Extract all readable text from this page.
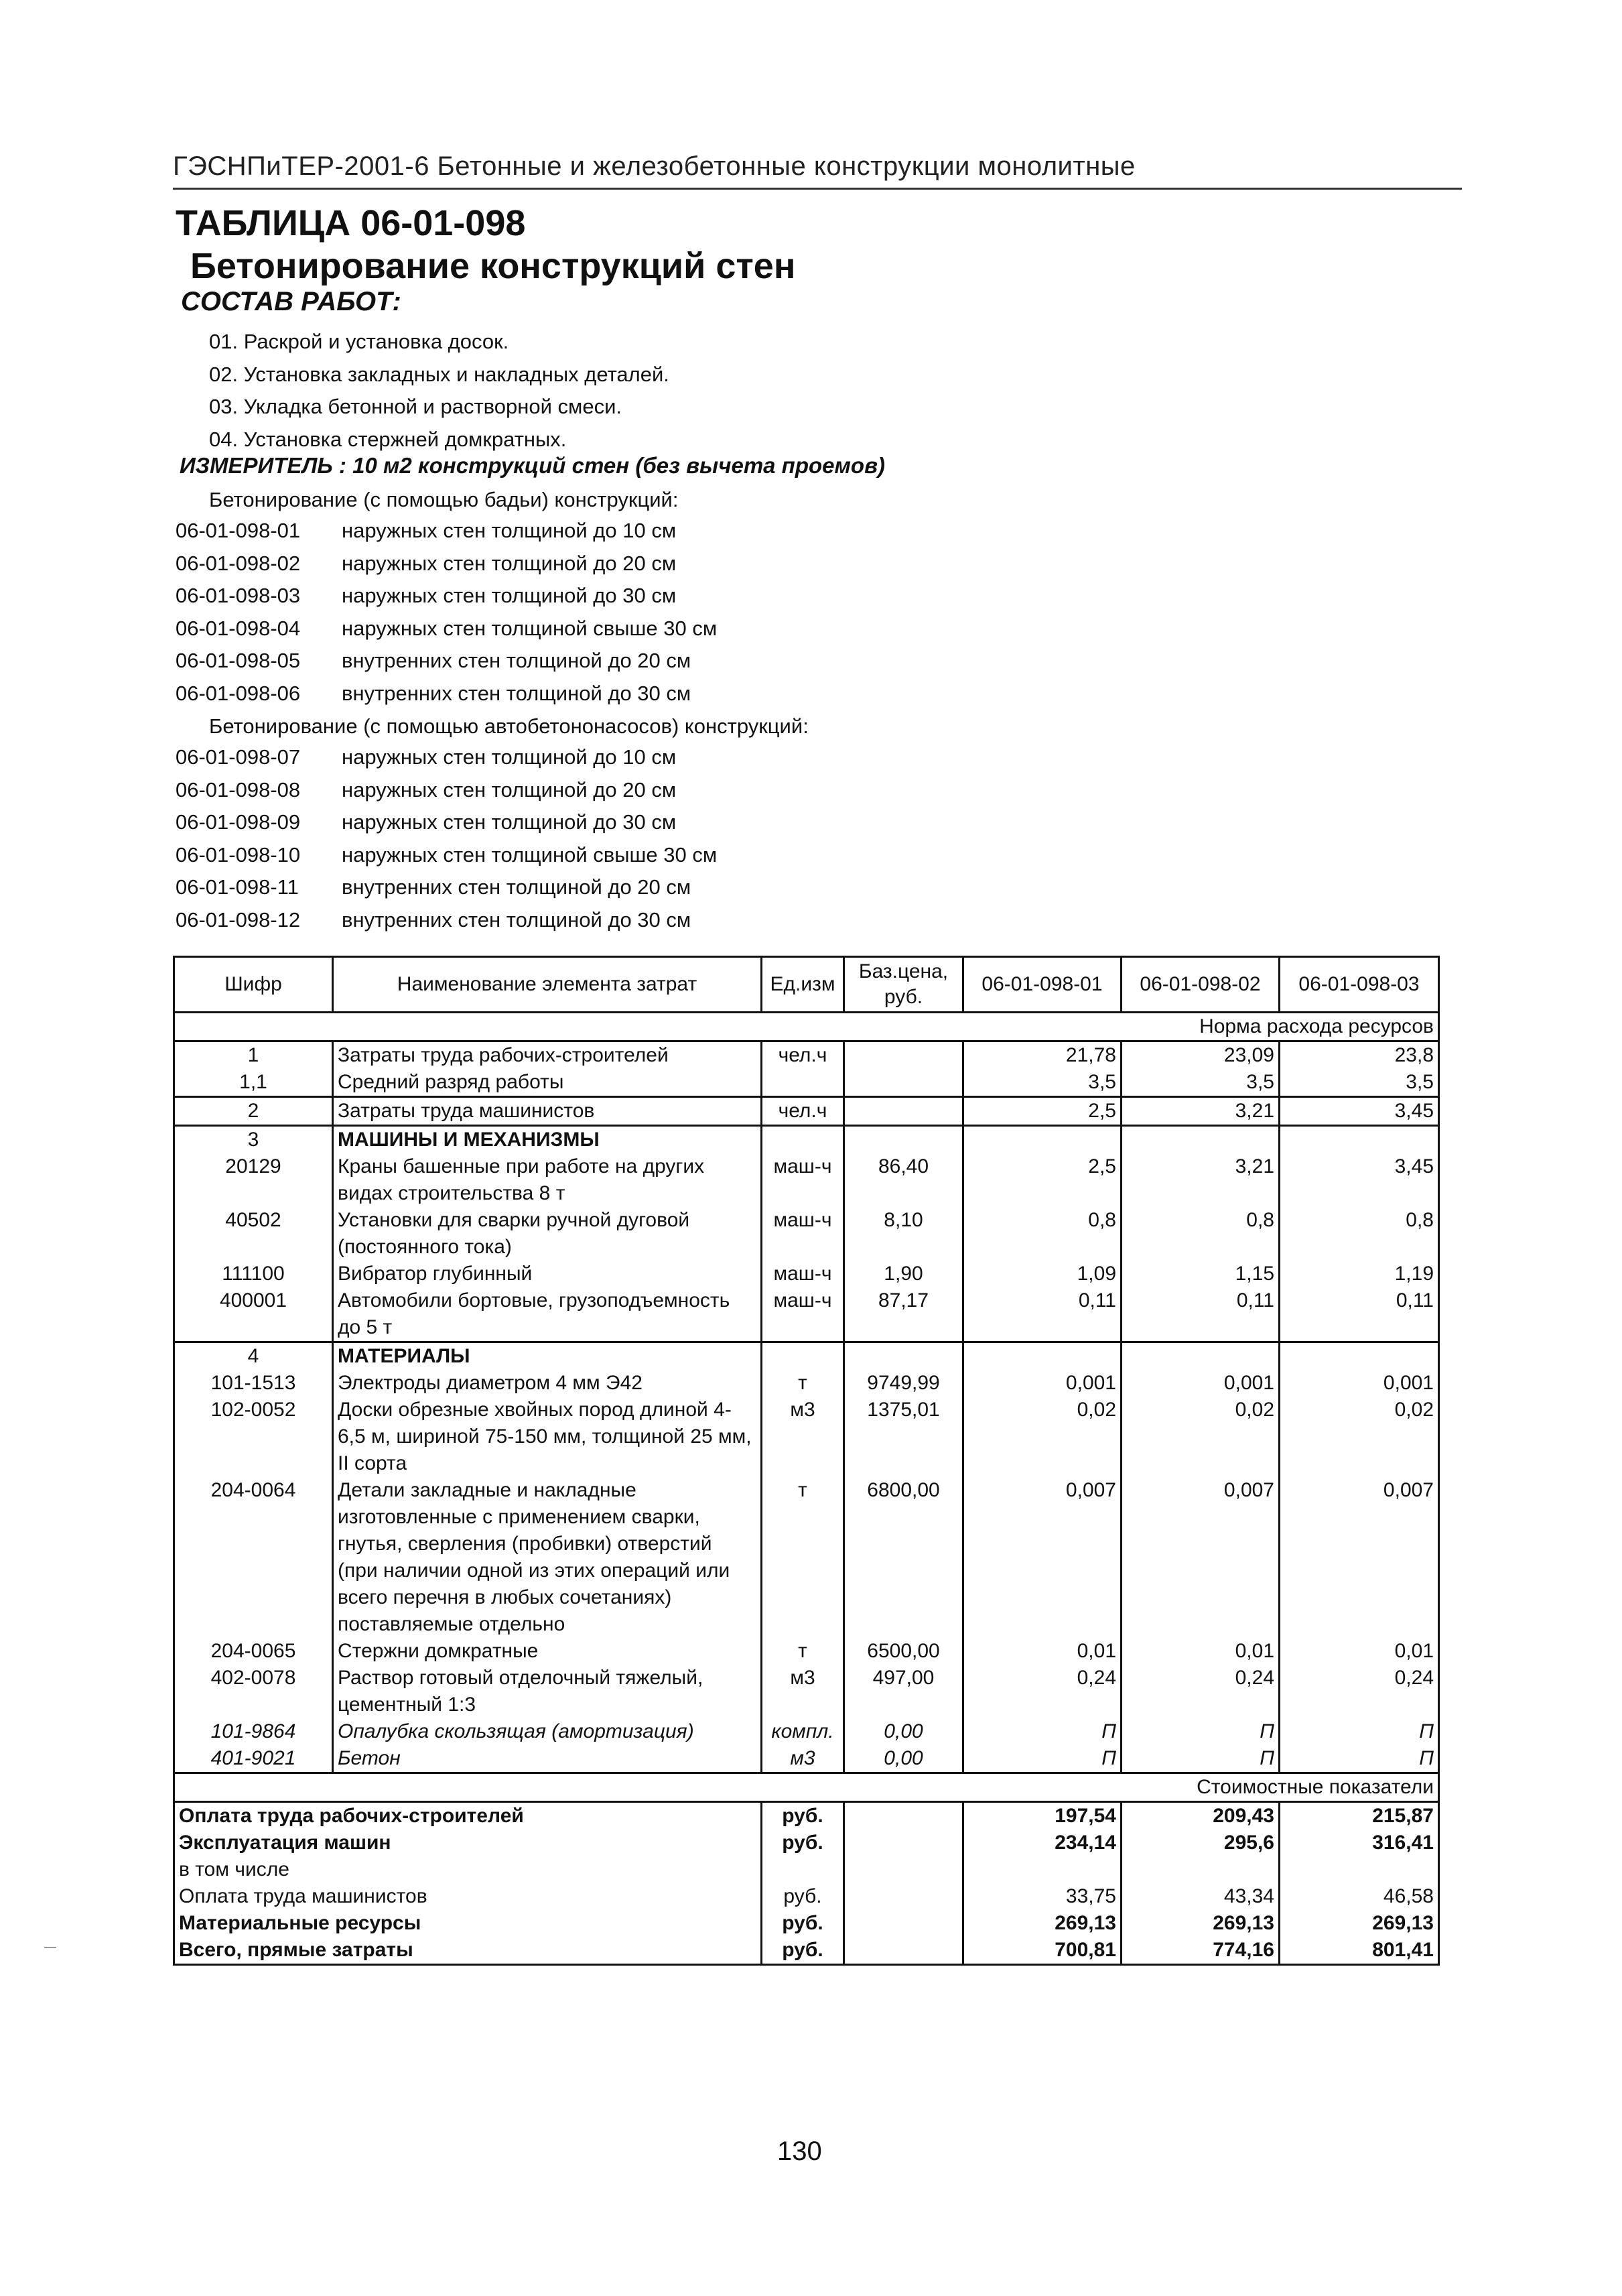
ГЭСНПиТЕР-2001-6 Бетонные и железобетонные конструкции монолитные
ТАБЛИЦА 06-01-098
Бетонирование конструкций стен
СОСТАВ РАБОТ:
01. Раскрой и установка досок.
02. Установка закладных и накладных деталей.
03. Укладка бетонной и растворной смеси.
04. Установка стержней домкратных.
ИЗМЕРИТЕЛЬ : 10 м2 конструкций стен (без вычета проемов)
Бетонирование (с помощью бадьи) конструкций:
06-01-098-01 наружных стен толщиной до 10 см
06-01-098-02 наружных стен толщиной до 20 см
06-01-098-03 наружных стен толщиной до 30 см
06-01-098-04 наружных стен толщиной свыше 30 см
06-01-098-05 внутренних стен толщиной до 20 см
06-01-098-06 внутренних стен толщиной до 30 см
Бетонирование (с помощью автобетононасосов) конструкций:
06-01-098-07 наружных стен толщиной до 10 см
06-01-098-08 наружных стен толщиной до 20 см
06-01-098-09 наружных стен толщиной до 30 см
06-01-098-10 наружных стен толщиной свыше 30 см
06-01-098-11 внутренних стен толщиной до 20 см
06-01-098-12 внутренних стен толщиной до 30 см
Шифр	Наименование элемента затрат	Ед.изм	Баз.цена, руб.	06-01-098-01	06-01-098-02	06-01-098-03
Норма расхода ресурсов						
1	Затраты труда рабочих-строителей	чел.ч		21,78	23,09	23,8
1,1	Средний разряд работы			3,5	3,5	3,5
2	Затраты труда машинистов	чел.ч		2,5	3,21	3,45
3	МАШИНЫ И МЕХАНИЗМЫ					
20129	Краны башенные при работе на других видах строительства 8 т	маш-ч	86,40	2,5	3,21	3,45
40502	Установки для сварки ручной дуговой (постоянного тока)	маш-ч	8,10	0,8	0,8	0,8
111100	Вибратор глубинный	маш-ч	1,90	1,09	1,15	1,19
400001	Автомобили бортовые, грузоподъемность до 5 т	маш-ч	87,17	0,11	0,11	0,11
4	МАТЕРИАЛЫ					
101-1513	Электроды диаметром 4 мм Э42	т	9749,99	0,001	0,001	0,001
102-0052	Доски обрезные хвойных пород длиной 4-6,5 м, шириной 75-150 мм, толщиной 25 мм, II сорта	м3	1375,01	0,02	0,02	0,02
204-0064	Детали закладные и накладные изготовленные с применением сварки, гнутья, сверления (пробивки) отверстий (при наличии одной из этих операций или всего перечня в любых сочетаниях) поставляемые отдельно	т	6800,00	0,007	0,007	0,007
204-0065	Стержни домкратные	т	6500,00	0,01	0,01	0,01
402-0078	Раствор готовый отделочный тяжелый, цементный 1:3	м3	497,00	0,24	0,24	0,24
101-9864	Опалубка скользящая (амортизация)	компл.	0,00	П	П	П
401-9021	Бетон	м3	0,00	П	П	П
Стоимостные показатели						
Оплата труда рабочих-строителей		руб.		197,54	209,43	215,87
Эксплуатация машин		руб.		234,14	295,6	316,41
в том числе						
Оплата труда машинистов		руб.		33,75	43,34	46,58
Материальные ресурсы		руб.		269,13	269,13	269,13
Всего, прямые затраты		руб.		700,81	774,16	801,41
130
